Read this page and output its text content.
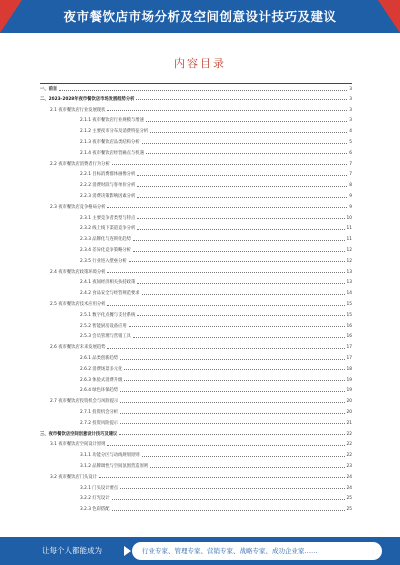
夜市餐饮店市场分析及空间创意设计技巧及建议
内容目录
一、前言	3
二、2023-2028年夜市餐饮店市场发展趋势分析	3
2.1 夜市餐饮店行业发展现状	3
2.1.1 夜市餐饮店行业规模与增速	3
2.1.2 主要夜市分布及消费特征分析	4
2.1.3 夜市餐饮店品类结构分析	5
2.1.4 夜市餐饮店经营痛点与机遇	6
2.2 夜市餐饮店消费者行为分析	7
2.2.1 目标消费群体画像分析	7
2.2.2 消费时段与客单价分析	8
2.2.3 消费决策影响因素分析	9
2.3 夜市餐饮店竞争格局分析	9
2.3.1 主要竞争者类型与特点	10
2.3.2 线上线下渠道竞争分析	11
2.3.3 品牌化与连锁化趋势	11
2.3.4 差异化竞争策略分析	12
2.3.5 行业进入壁垒分析	12
2.4 夜市餐饮店政策环境分析	13
2.4.1 夜间经济相关扶持政策	13
2.4.2 食品安全与经营规范要求	14
2.5 夜市餐饮店技术应用分析	15
2.5.1 数字化点餐与支付系统	15
2.5.2 智能厨房设备应用	16
2.5.3 会员管理与营销工具	16
2.6 夜市餐饮店未来发展趋势	17
2.6.1 品类创新趋势	17
2.6.2 消费场景多元化	18
2.6.3 体验式消费升级	19
2.6.4 绿色环保趋势	19
2.7 夜市餐饮店投资机会与风险提示	20
2.7.1 投资机会分析	20
2.7.2 投资风险提示	21
三、夜市餐饮店空间创意设计技巧及建议	22
3.1 夜市餐饮店空间设计原则	22
3.1.1 功能分区与动线规划原则	22
3.1.2 品牌调性与空间氛围营造原则	23
3.2 夜市餐饮店门头设计	24
3.2.1 门头设计要点	24
3.2.2 灯光设计	25
3.2.3 色彩搭配	25
让每个人都能成为	行业专家、管理专家、营销专家、战略专家、成功企业家……
